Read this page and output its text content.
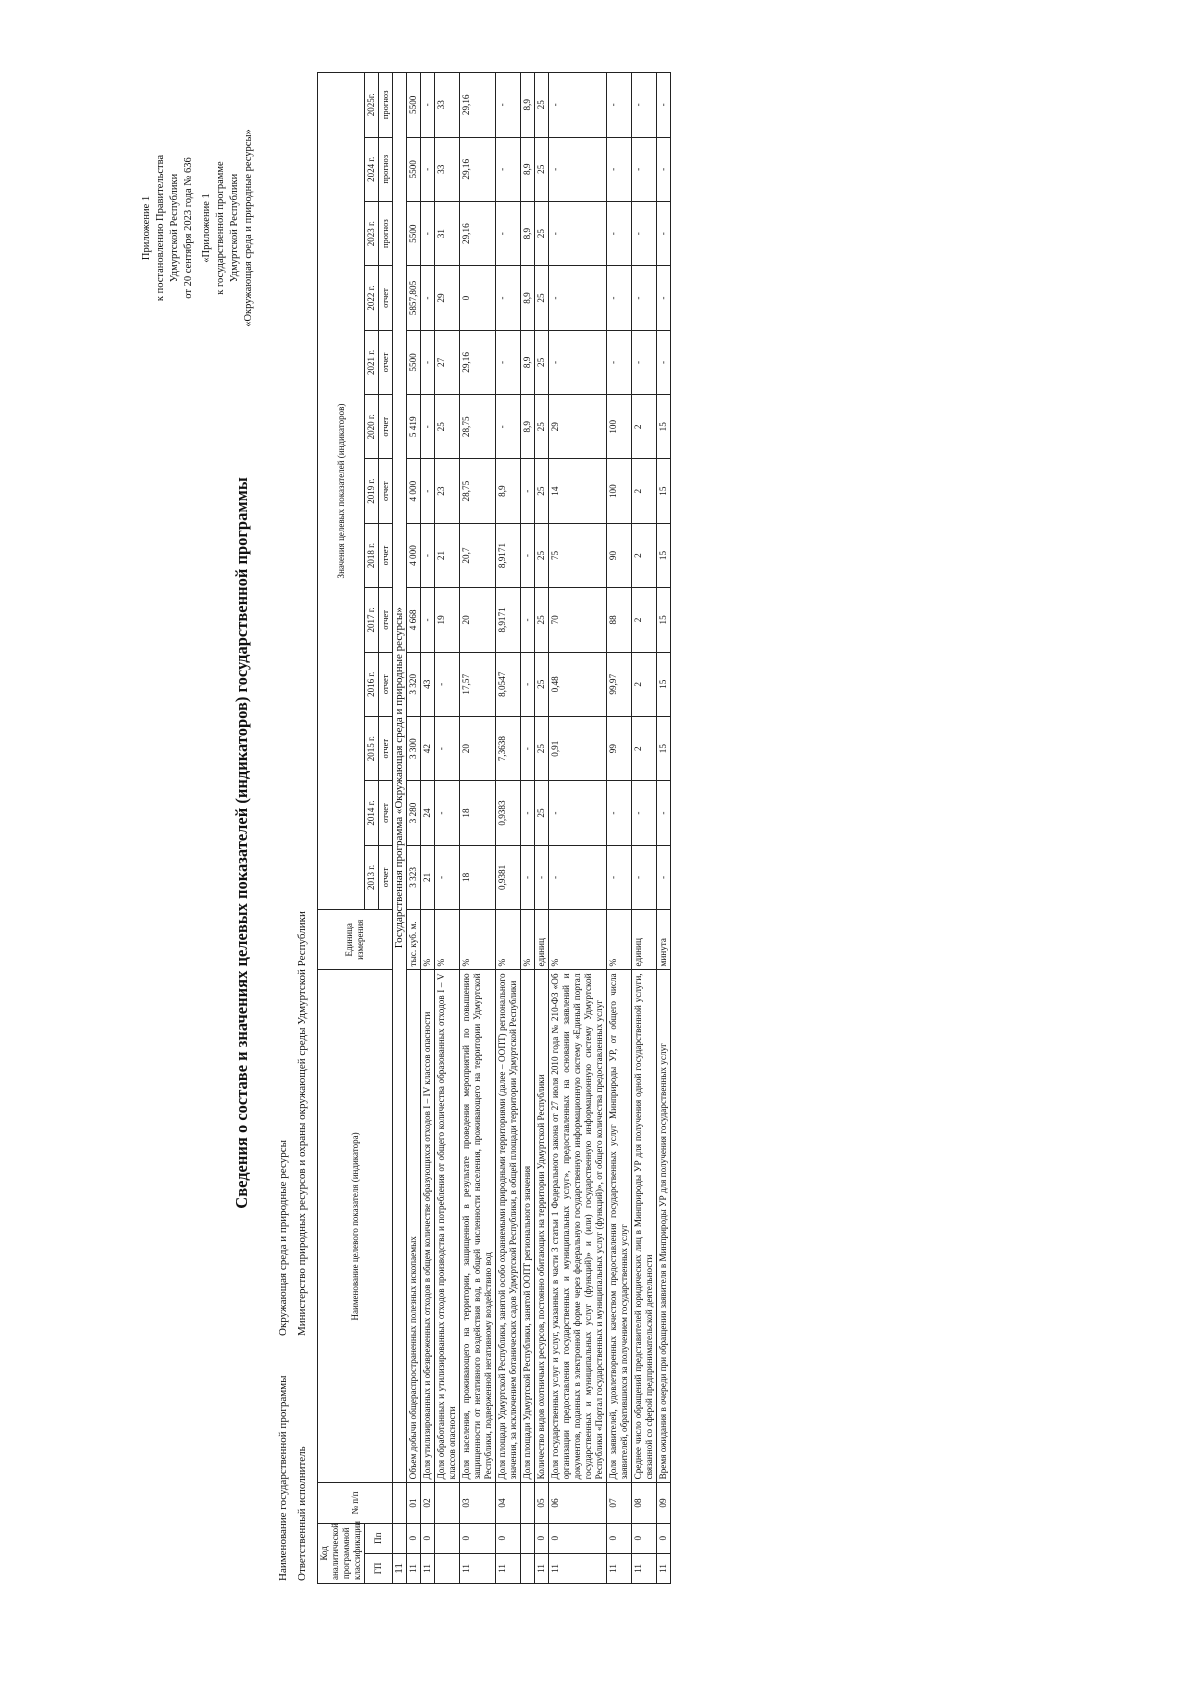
Приложение 1 к постановлению Правительства Удмуртской Республики от 20 сентября 2023 года № 636 «Приложение 1 к государственной программе Удмуртской Республики «Окружающая среда и природные ресурсы»
Сведения о составе и значениях целевых показателей (индикаторов) государственной программы
Наименование государственной программы
Окружающая среда и природные ресурсы
Ответственный исполнитель
Министерство природных ресурсов и охраны окружающей среды Удмуртской Республики
Код аналитической программной классификации		№ п/п	Наименование целевого показателя (индикатора)	Единица измерения	Значения целевых показателей (индикаторов)												
ГП	Пп				2013 г.	2014 г.	2015 г.	2016 г.	2017 г.	2018 г.	2019 г.	2020 г.	2021 г.	2022 г.	2023 г.	2024 г.	2025г.
					отчет	отчет	отчет	отчет	отчет	отчет	отчет	отчет	отчет	отчет	прогноз	прогноз	прогноз
11			Государственная программа «Окружающая среда и природные ресурсы»														
11	0	01	Объем добычи общераспространенных полезных ископаемых	тыс. куб. м.	3 323	3 280	3 300	3 320	4 668	4 000	4 000	5 419	5500	5857,805	5500	5500	5500
11	0	02	Доля утилизированных и обезвреженных отходов в общем количестве образующихся отходов I – IV классов опасности	%	21	24	42	43	-	-	-	-	-	-	-	-	-
			Доля обработанных и утилизированных отходов производства и потребления от общего количества образованных отходов I – V классов опасности	%	-	-	-	-	19	21	23	25	27	29	31	33	33
11	0	03	Доля населения, проживающего на территории, защищенной в результате проведения мероприятий по повышению защищенности от негативного воздействия вод, в общей численности населения, проживающего на территории Удмуртской Республики, подверженной негативному воздействию вод	%	18	18	20	17,57	20	20,7	28,75	28,75	29,16	0	29,16	29,16	29,16
11	0	04	Доля площади Удмуртской Республики, занятой особо охраняемыми природными территориями (далее – ООПТ) регионального значения, за исключением ботанических садов Удмуртской Республики, в общей площади территории Удмуртской Республики	%	0,9381	0,9383	7,3638	8,0547	8,9171	8,9171	8,9	-	-	-	-	-	-
			Доля площади Удмуртской Республики, занятой ООПТ регионального значения	%	-	-	-	-	-	-	-	8,9	8,9	8,9	8,9	8,9	8,9
11	0	05	Количество видов охотничьих ресурсов, постоянно обитающих на территории Удмуртской Республики	единиц	-	25	25	25	25	25	25	25	25	25	25	25	25
11	0	06	Доля государственных услуг и услуг, указанных в части 3 статьи 1 Федерального закона от 27 июля 2010 года № 210-ФЗ «Об организации предоставления государственных и муниципальных услуг», предоставленных на основании заявлений и документов, поданных в электронной форме через федеральную государственную информационную систему «Единый портал государственных и муниципальных услуг (функций)» и (или) государственную информационную систему Удмуртской Республики «Портал государственных и муниципальных услуг (функций)», от общего количества предоставленных услуг	%	-	-	0,91	0,48	70	75	14	29	-	-	-	-	-
11	0	07	Доля заявителей, удовлетворенных качеством предоставления государственных услуг Минприроды УР, от общего числа заявителей, обратившихся за получением государственных услуг	%	-	-	99	99,97	88	90	100	100	-	-	-	-	-
11	0	08	Среднее число обращений представителей юридических лиц в Минприроды УР для получения одной государственной услуги, связанной со сферой предпринимательской деятельности	единиц	-	-	2	2	2	2	2	2	-	-	-	-	-
11	0	09	Время ожидания в очереди при обращении заявителя в Минприроды УР для получения государственных услуг	минута	-	-	15	15	15	15	15	15	-	-	-	-	-
